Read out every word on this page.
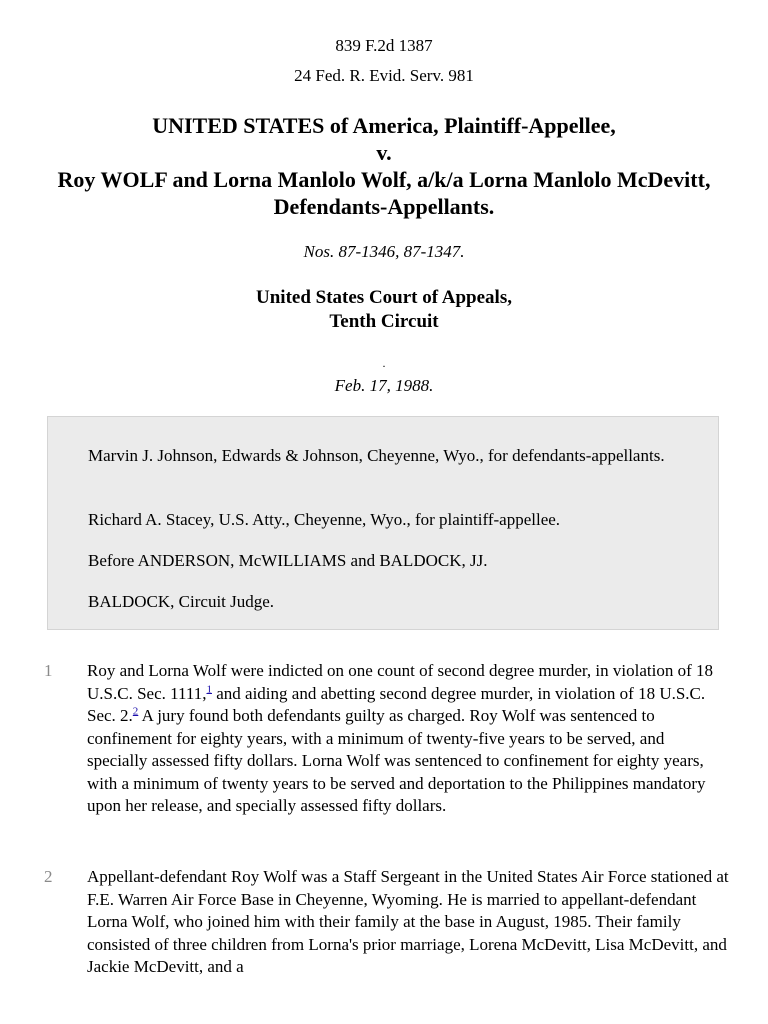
839 F.2d 1387
24 Fed. R. Evid. Serv. 981
UNITED STATES of America, Plaintiff-Appellee,
v.
Roy WOLF and Lorna Manlolo Wolf, a/k/a Lorna Manlolo McDevitt, Defendants-Appellants.
Nos. 87-1346, 87-1347.
United States Court of Appeals,
Tenth Circuit
.
Feb. 17, 1988.

Marvin J. Johnson, Edwards & Johnson, Cheyenne, Wyo., for defendants-appellants.

Richard A. Stacey, U.S. Atty., Cheyenne, Wyo., for plaintiff-appellee.

Before ANDERSON, McWILLIAMS and BALDOCK, JJ.

BALDOCK, Circuit Judge.

1 Roy and Lorna Wolf were indicted on one count of second degree murder, in violation of 18 U.S.C. Sec. 1111,$^1$ and aiding and abetting second degree murder, in violation of 18 U.S.C. Sec. 2.$^2$ A jury found both defendants guilty as charged. Roy Wolf was sentenced to confinement for eighty years, with a minimum of twenty-five years to be served, and specially assessed fifty dollars. Lorna Wolf was sentenced to confinement for eighty years, with a minimum of twenty years to be served and deportation to the Philippines mandatory upon her release, and specially assessed fifty dollars.

2 Appellant-defendant Roy Wolf was a Staff Sergeant in the United States Air Force stationed at F.E. Warren Air Force Base in Cheyenne, Wyoming. He is married to appellant-defendant Lorna Wolf, who joined him with their family at the base in August, 1985. Their family consisted of three children from Lorna's prior marriage, Lorena McDevitt, Lisa McDevitt, and Jackie McDevitt, and a
